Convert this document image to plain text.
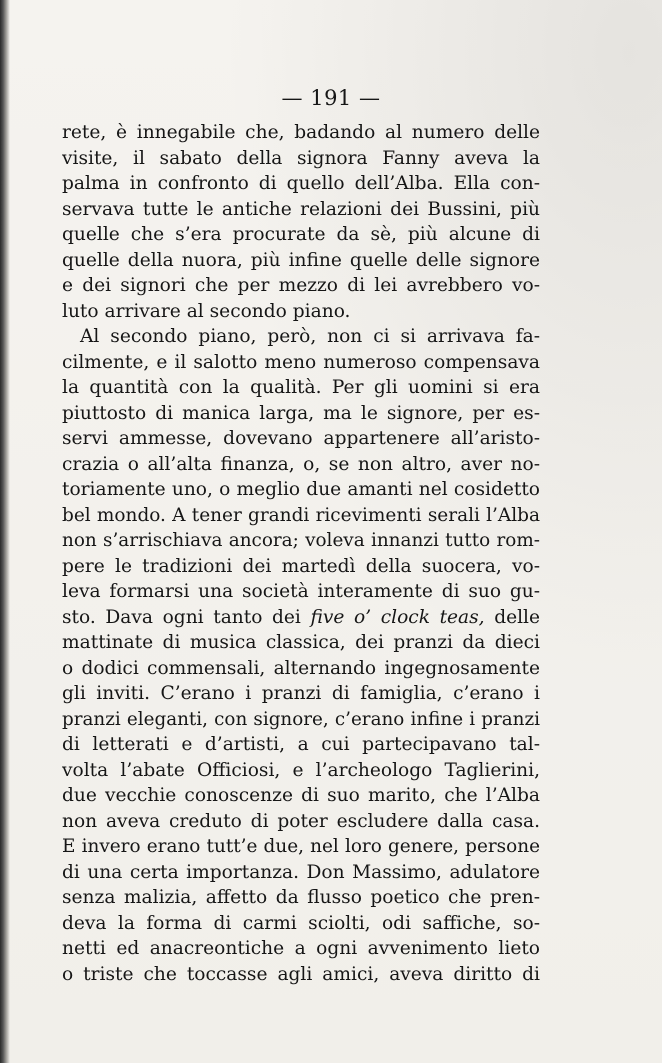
— 191 —
rete, è innegabile che, badando al numero delle
visite, il sabato della signora Fanny aveva la
palma in confronto di quello dell’Alba. Ella con-
servava tutte le antiche relazioni dei Bussini, più
quelle che s’era procurate da sè, più alcune di
quelle della nuora, più infine quelle delle signore
e dei signori che per mezzo di lei avrebbero vo-
luto arrivare al secondo piano.
Al secondo piano, però, non ci si arrivava fa-
cilmente, e il salotto meno numeroso compensava
la quantità con la qualità. Per gli uomini si era
piuttosto di manica larga, ma le signore, per es-
servi ammesse, dovevano appartenere all’aristo-
crazia o all’alta finanza, o, se non altro, aver no-
toriamente uno, o meglio due amanti nel cosidetto
bel mondo. A tener grandi ricevimenti serali l’Alba
non s’arrischiava ancora; voleva innanzi tutto rom-
pere le tradizioni dei martedì della suocera, vo-
leva formarsi una società interamente di suo gu-
sto. Dava ogni tanto dei five o’ clock teas, delle
mattinate di musica classica, dei pranzi da dieci
o dodici commensali, alternando ingegnosamente
gli inviti. C’erano i pranzi di famiglia, c’erano i
pranzi eleganti, con signore, c’erano infine i pranzi
di letterati e d’artisti, a cui partecipavano tal-
volta l’abate Officiosi, e l’archeologo Taglierini,
due vecchie conoscenze di suo marito, che l’Alba
non aveva creduto di poter escludere dalla casa.
E invero erano tutt’e due, nel loro genere, persone
di una certa importanza. Don Massimo, adulatore
senza malizia, affetto da flusso poetico che pren-
deva la forma di carmi sciolti, odi saffiche, so-
netti ed anacreontiche a ogni avvenimento lieto
o triste che toccasse agli amici, aveva diritto di
